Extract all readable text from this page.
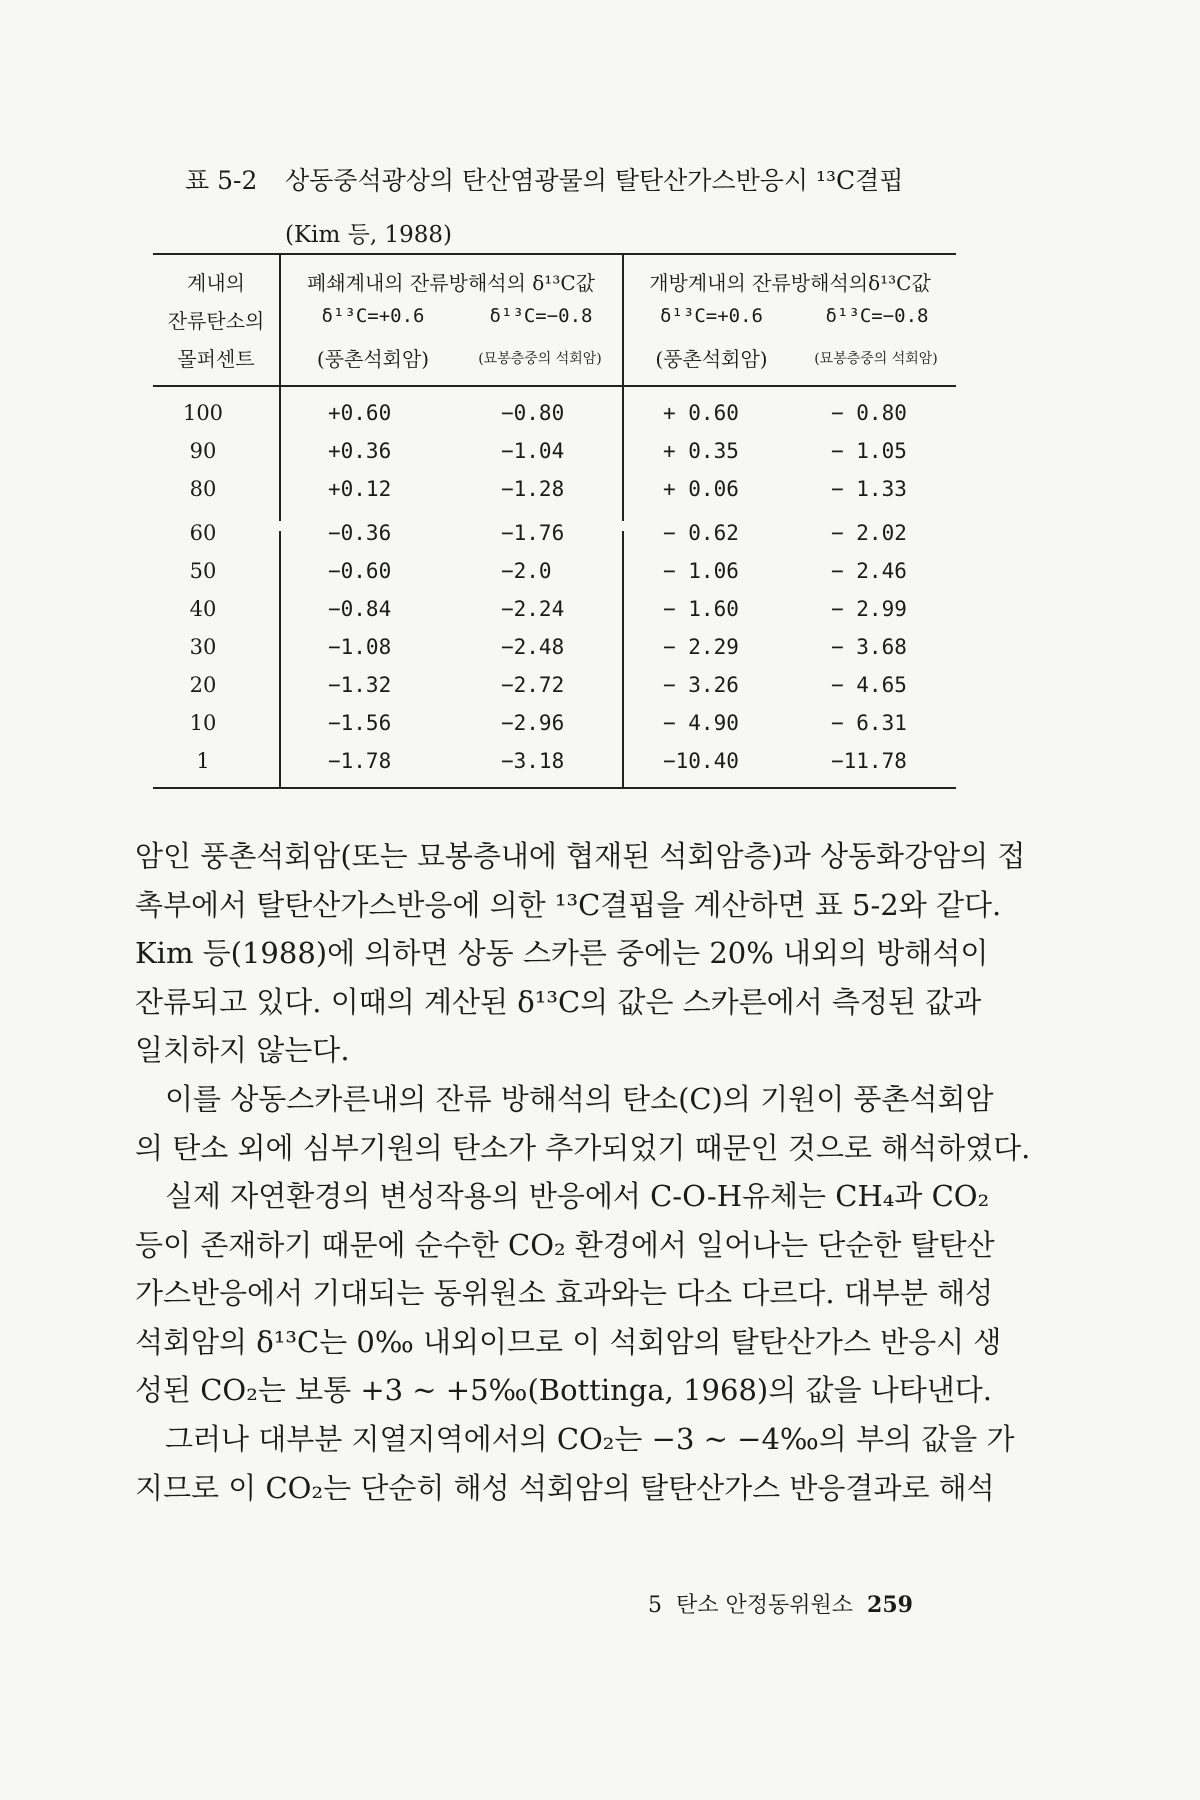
표 5-2 상동중석광상의 탄산염광물의 탈탄산가스반응시 ¹³C결핍
(Kim 등, 1988)
계내의
잔류탄소의
몰퍼센트
폐쇄계내의 잔류방해석의 δ¹³C값	개방계내의 잔류방해석의δ¹³C값
δ¹³C=+0.6	δ¹³C=−0.8	δ¹³C=+0.6	δ¹³C=−0.8
(풍촌석회암)	(묘봉층중의 석회암)	(풍촌석회암)	(묘봉층중의 석회암)
100	+0.60	−0.80	+ 0.60	− 0.80
90	+0.36	−1.04	+ 0.35	− 1.05
80	+0.12	−1.28	+ 0.06	− 1.33
60	−0.36	−1.76	− 0.62	− 2.02
50	−0.60	−2.0	− 1.06	− 2.46
40	−0.84	−2.24	− 1.60	− 2.99
30	−1.08	−2.48	− 2.29	− 3.68
20	−1.32	−2.72	− 3.26	− 4.65
10	−1.56	−2.96	− 4.90	− 6.31
1	−1.78	−3.18	−10.40	−11.78
암인 풍촌석회암(또는 묘봉층내에 협재된 석회암층)과 상동화강암의 접
촉부에서 탈탄산가스반응에 의한 ¹³C결핍을 계산하면 표 5-2와 같다.
Kim 등(1988)에 의하면 상동 스카른 중에는 20% 내외의 방해석이
잔류되고 있다. 이때의 계산된 δ¹³C의 값은 스카른에서 측정된 값과
일치하지 않는다.
이를 상동스카른내의 잔류 방해석의 탄소(C)의 기원이 풍촌석회암
의 탄소 외에 심부기원의 탄소가 추가되었기 때문인 것으로 해석하였다.
실제 자연환경의 변성작용의 반응에서 C-O-H유체는 CH₄과 CO₂
등이 존재하기 때문에 순수한 CO₂ 환경에서 일어나는 단순한 탈탄산
가스반응에서 기대되는 동위원소 효과와는 다소 다르다. 대부분 해성
석회암의 δ¹³C는 0‰ 내외이므로 이 석회암의 탈탄산가스 반응시 생
성된 CO₂는 보통 +3 ~ +5‰(Bottinga, 1968)의 값을 나타낸다.
그러나 대부분 지열지역에서의 CO₂는 −3 ~ −4‰의 부의 값을 가
지므로 이 CO₂는 단순히 해성 석회암의 탈탄산가스 반응결과로 해석
5 탄소 안정동위원소 259
